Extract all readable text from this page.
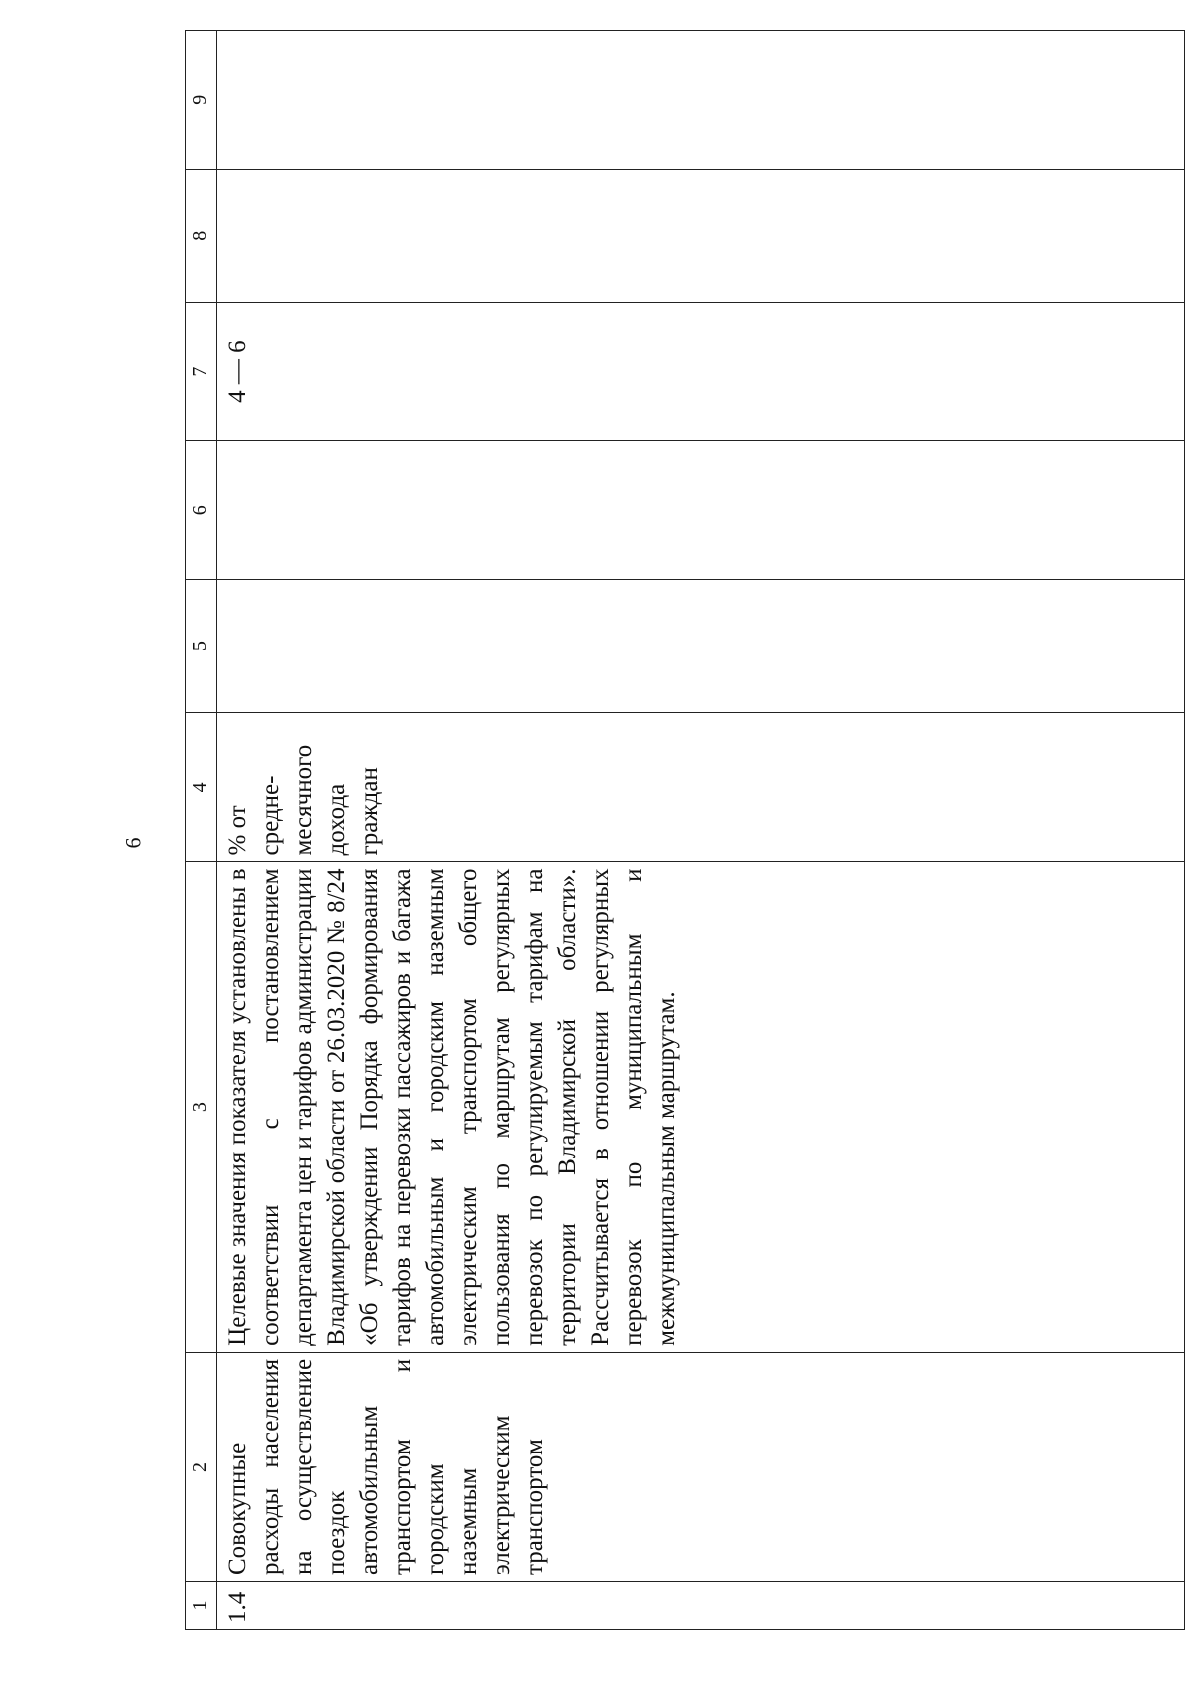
6
1	2	3	4	5	6	7	8	9
1.4	Совокупные расходы населения на осуществление поездок автомобильным транспортом и городским наземным электрическим транспортом	Целевые значения показателя установлены в соответствии с постановлением департамента цен и тарифов администрации Владимирской области от 26.03.2020 № 8/24 «Об утверждении Порядка формирования тарифов на перевозки пассажиров и багажа автомобильным и городским наземным электрическим транспортом общего пользования по маршрутам регулярных перевозок по регулируемым тарифам на территории Владимирской области». Рассчитывается в отношении регулярных перевозок по муниципальным и межмуниципальным маршрутам.	% от средне-месячного дохода граждан			4 — 6		
